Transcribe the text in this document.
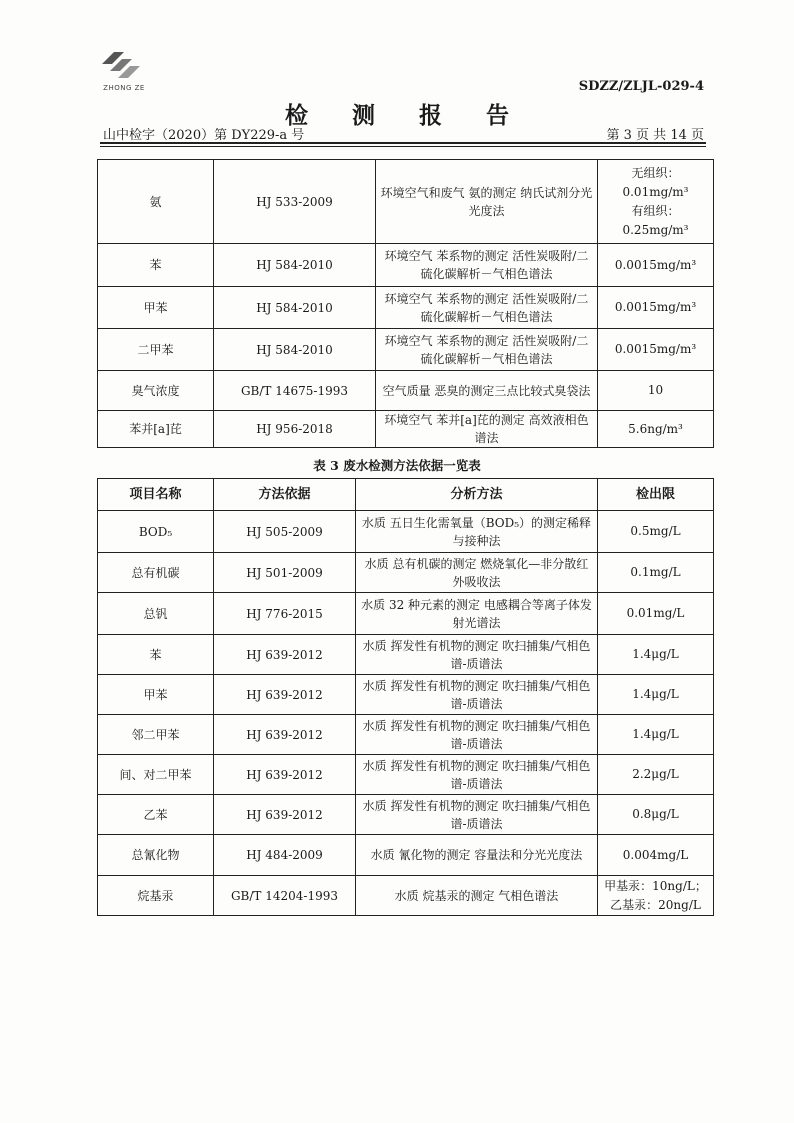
ZHONG ZE	SDZZ/ZLJL-029-4
检 测 报 告
山中检字（2020）第 DY229-a 号	第 3 页 共 14 页
氨	HJ 533-2009	环境空气和废气 氨的测定 纳氏试剂分光光度法	无组织：
0.01mg/m³
有组织：
0.25mg/m³

苯	HJ 584-2010	环境空气 苯系物的测定 活性炭吸附/二硫化碳解析－气相色谱法	0.0015mg/m³

甲苯	HJ 584-2010	环境空气 苯系物的测定 活性炭吸附/二硫化碳解析－气相色谱法	0.0015mg/m³

二甲苯	HJ 584-2010	环境空气 苯系物的测定 活性炭吸附/二硫化碳解析－气相色谱法	0.0015mg/m³

臭气浓度	GB/T 14675-1993	空气质量 恶臭的测定三点比较式臭袋法	10

苯并[a]芘	HJ 956-2018	环境空气 苯并[a]芘的测定 高效液相色谱法	5.6ng/m³
表 3 废水检测方法依据一览表
项目名称	方法依据	分析方法	检出限
BOD₅	HJ 505-2009	水质 五日生化需氧量（BOD₅）的测定稀释与接种法	0.5mg/L

总有机碳	HJ 501-2009	水质 总有机碳的测定 燃烧氧化—非分散红外吸收法	0.1mg/L

总钒	HJ 776-2015	水质 32 种元素的测定 电感耦合等离子体发射光谱法	0.01mg/L

苯	HJ 639-2012	水质 挥发性有机物的测定 吹扫捕集/气相色谱-质谱法	1.4μg/L

甲苯	HJ 639-2012	水质 挥发性有机物的测定 吹扫捕集/气相色谱-质谱法	1.4μg/L

邻二甲苯	HJ 639-2012	水质 挥发性有机物的测定 吹扫捕集/气相色谱-质谱法	1.4μg/L

间、对二甲苯	HJ 639-2012	水质 挥发性有机物的测定 吹扫捕集/气相色谱-质谱法	2.2μg/L

乙苯	HJ 639-2012	水质 挥发性有机物的测定 吹扫捕集/气相色谱-质谱法	0.8μg/L

总氰化物	HJ 484-2009	水质 氰化物的测定 容量法和分光光度法	0.004mg/L

烷基汞	GB/T 14204-1993	水质 烷基汞的测定 气相色谱法	甲基汞：10ng/L；
乙基汞：20ng/L
